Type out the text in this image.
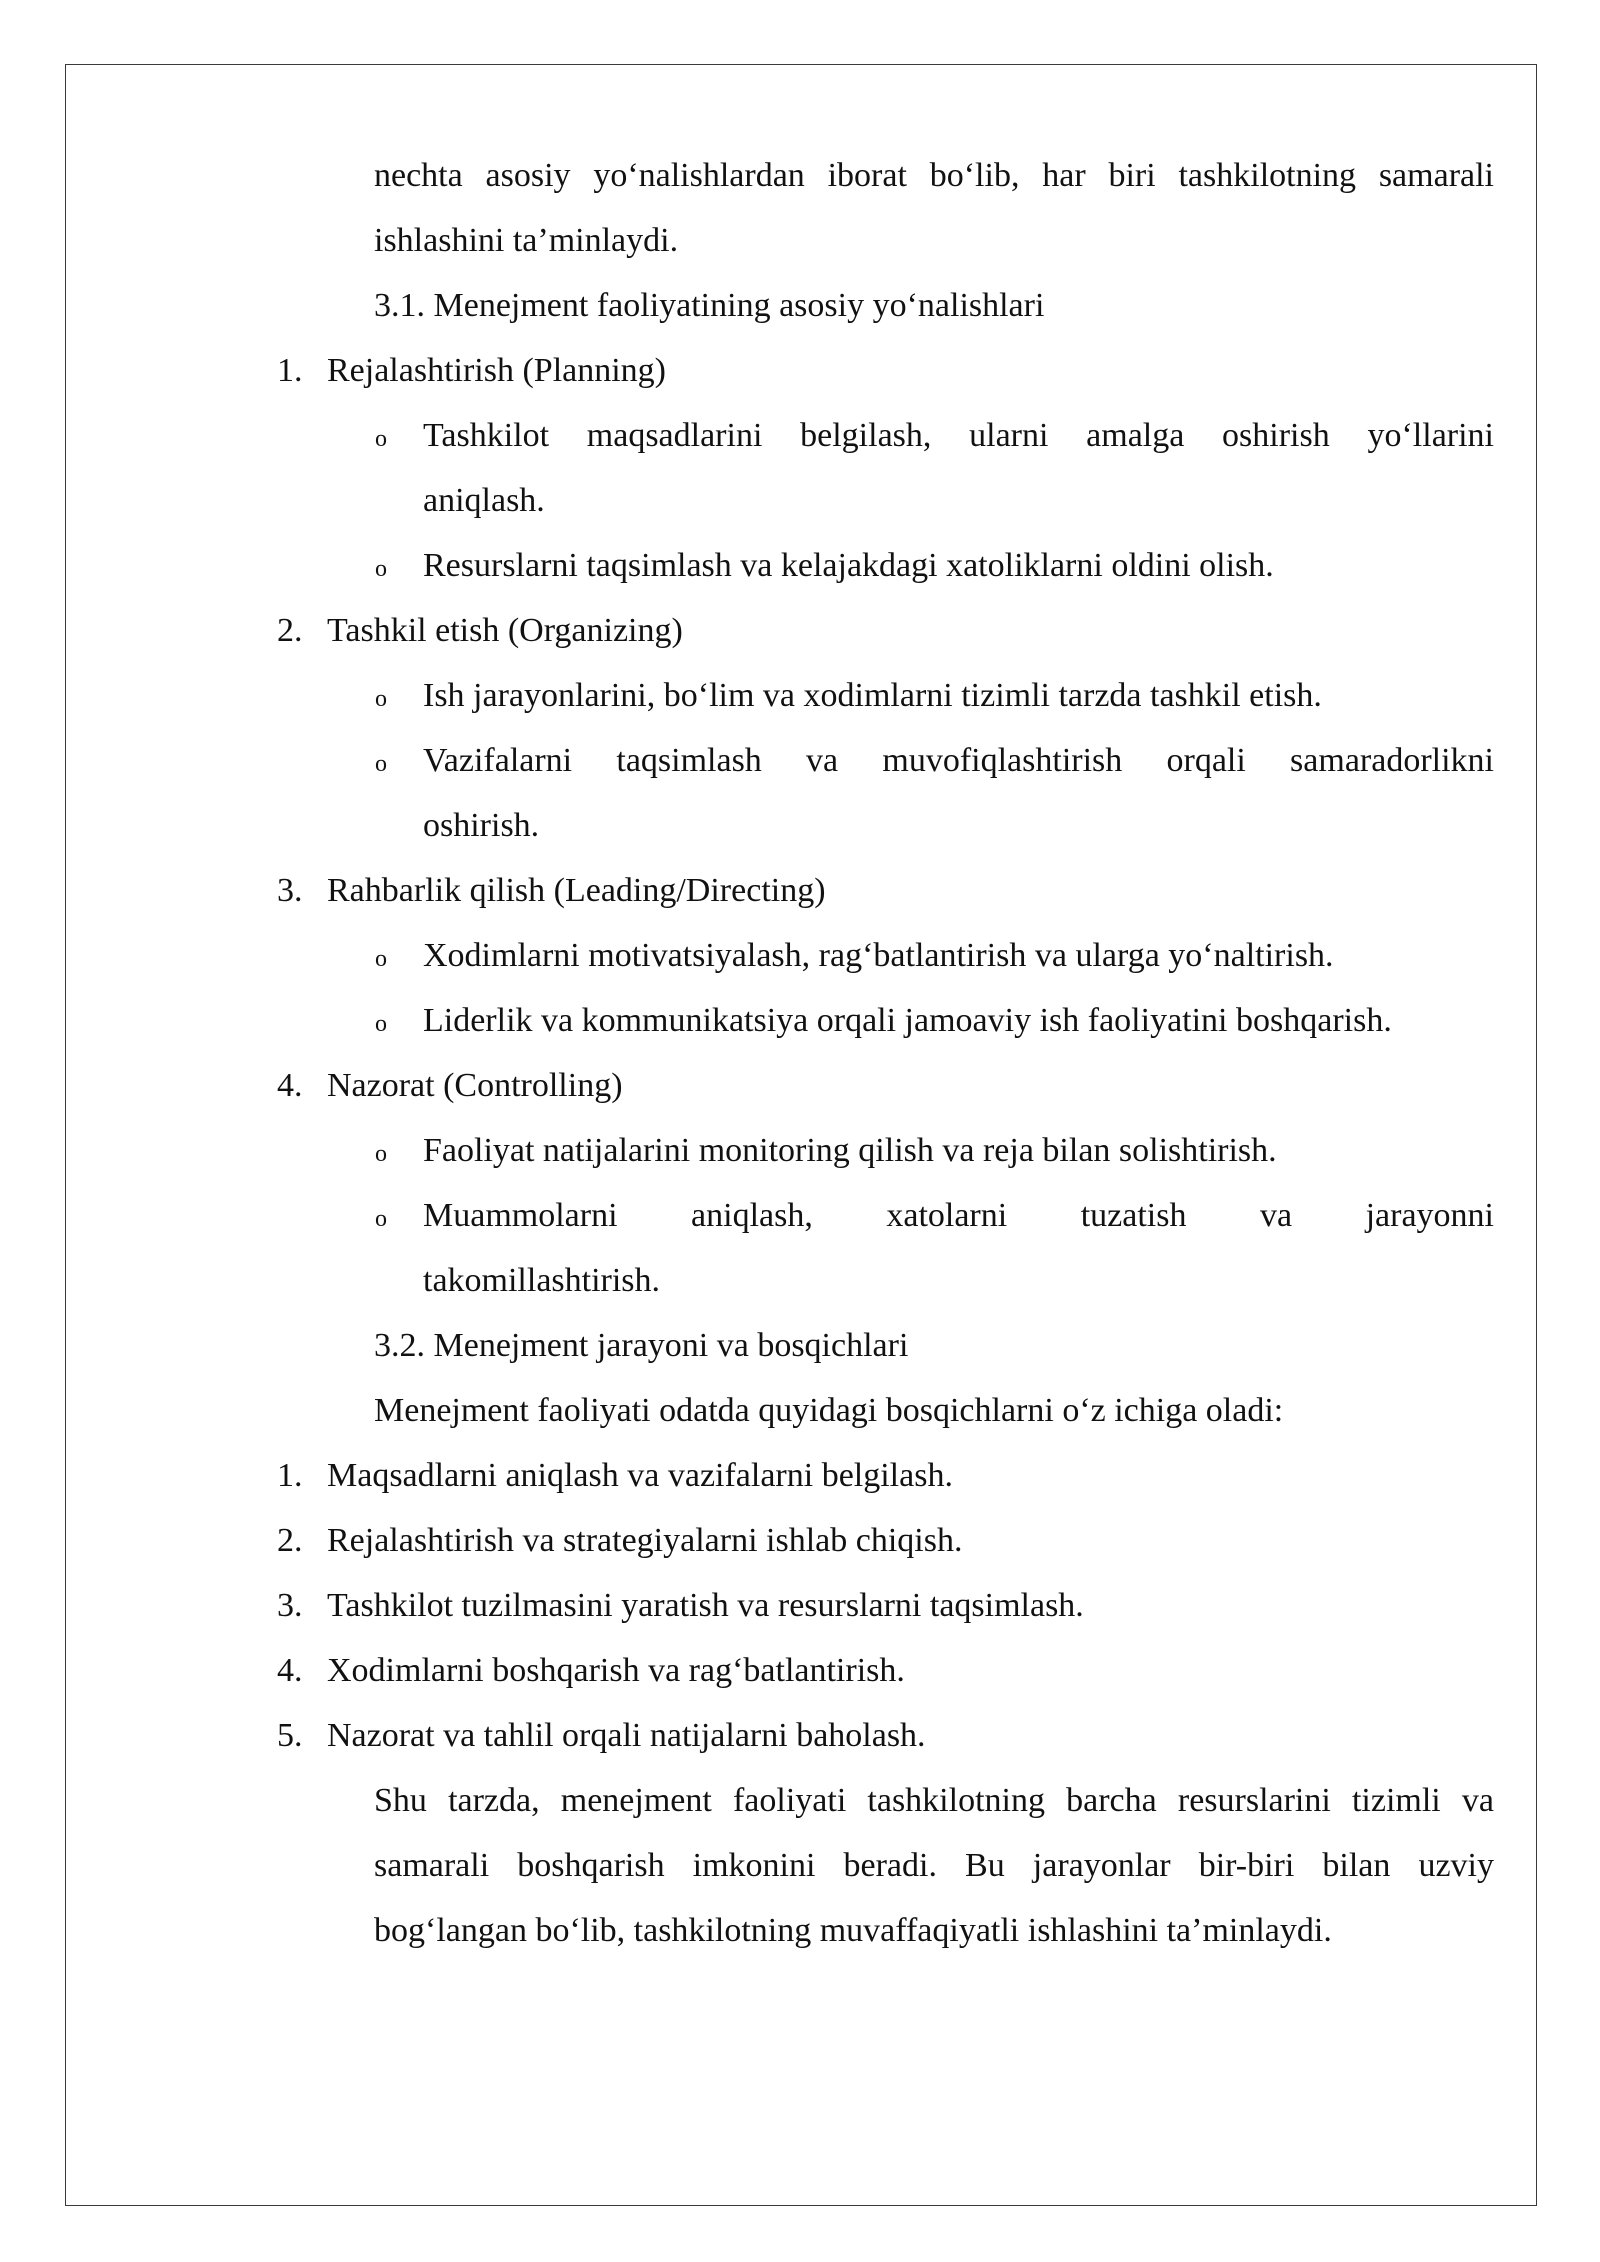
nechta asosiy yo‘nalishlardan iborat bo‘lib, har biri tashkilotning samarali
ishlashini ta’minlaydi.
3.1. Menejment faoliyatining asosiy yo‘nalishlari
1. Rejalashtirish (Planning)
o Tashkilot maqsadlarini belgilash, ularni amalga oshirish yo‘llarini
aniqlash.
o Resurslarni taqsimlash va kelajakdagi xatoliklarni oldini olish.
2. Tashkil etish (Organizing)
o Ish jarayonlarini, bo‘lim va xodimlarni tizimli tarzda tashkil etish.
o Vazifalarni taqsimlash va muvofiqlashtirish orqali samaradorlikni
oshirish.
3. Rahbarlik qilish (Leading/Directing)
o Xodimlarni motivatsiyalash, rag‘batlantirish va ularga yo‘naltirish.
o Liderlik va kommunikatsiya orqali jamoaviy ish faoliyatini boshqarish.
4. Nazorat (Controlling)
o Faoliyat natijalarini monitoring qilish va reja bilan solishtirish.
o Muammolarni aniqlash, xatolarni tuzatish va jarayonni
takomillashtirish.
3.2. Menejment jarayoni va bosqichlari
Menejment faoliyati odatda quyidagi bosqichlarni o‘z ichiga oladi:
1. Maqsadlarni aniqlash va vazifalarni belgilash.
2. Rejalashtirish va strategiyalarni ishlab chiqish.
3. Tashkilot tuzilmasini yaratish va resurslarni taqsimlash.
4. Xodimlarni boshqarish va rag‘batlantirish.
5. Nazorat va tahlil orqali natijalarni baholash.
Shu tarzda, menejment faoliyati tashkilotning barcha resurslarini tizimli va
samarali boshqarish imkonini beradi. Bu jarayonlar bir-biri bilan uzviy
bog‘langan bo‘lib, tashkilotning muvaffaqiyatli ishlashini ta’minlaydi.
